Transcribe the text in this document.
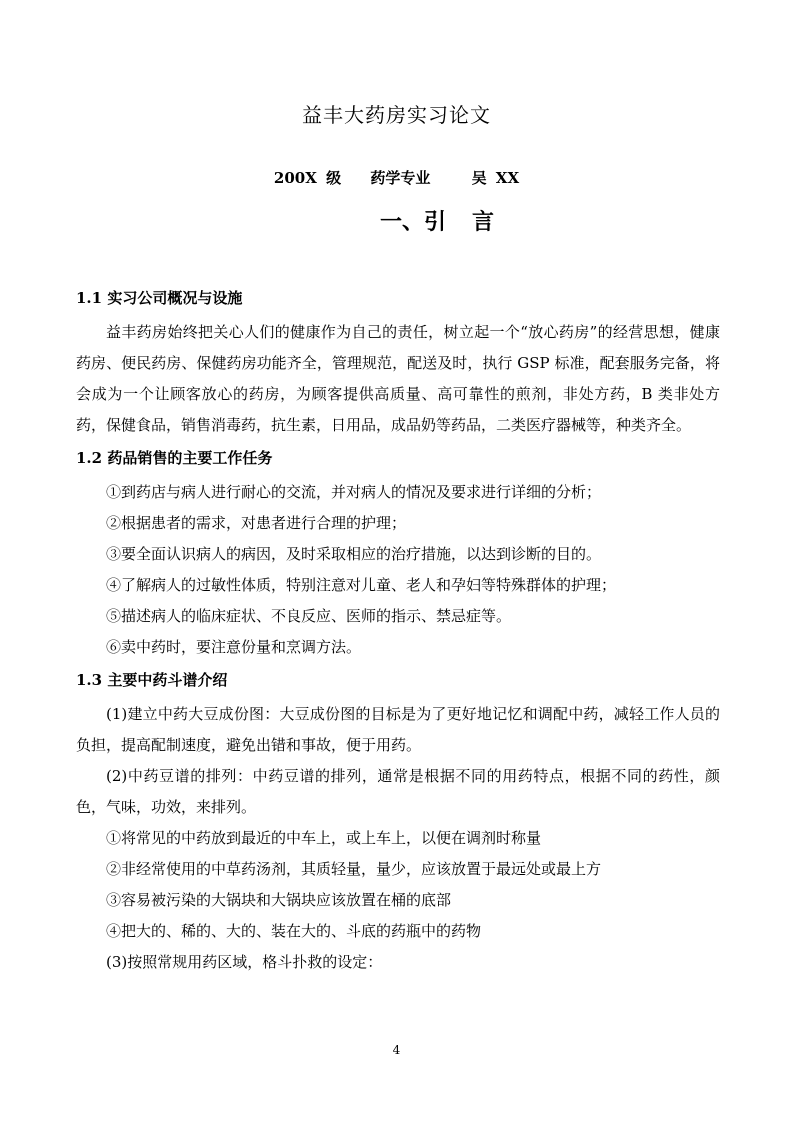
益丰大药房实习论文
200X 级 药学专业	吴 XX
一、引 言

1.1 实习公司概况与设施

益丰药房始终把关心人们的健康作为自己的责任，树立起一个“放心药房”的经营思想，健康药房、便民药房、保健药房功能齐全，管理规范，配送及时，执行 GSP 标准，配套服务完备，将会成为一个让顾客放心的药房，为顾客提供高质量、高可靠性的煎剂，非处方药，B 类非处方药，保健食品，销售消毒药，抗生素，日用品，成品奶等药品，二类医疗器械等，种类齐全。

1.2 药品销售的主要工作任务

①到药店与病人进行耐心的交流，并对病人的情况及要求进行详细的分析；

②根据患者的需求，对患者进行合理的护理；

③要全面认识病人的病因，及时采取相应的治疗措施，以达到诊断的目的。

④了解病人的过敏性体质，特别注意对儿童、老人和孕妇等特殊群体的护理；

⑤描述病人的临床症状、不良反应、医师的指示、禁忌症等。

⑥卖中药时，要注意份量和烹调方法。

1.3 主要中药斗谱介绍

(1)建立中药大豆成份图：大豆成份图的目标是为了更好地记忆和调配中药，减轻工作人员的负担，提高配制速度，避免出错和事故，便于用药。

(2)中药豆谱的排列：中药豆谱的排列，通常是根据不同的用药特点，根据不同的药性，颜色，气味，功效，来排列。

①将常见的中药放到最近的中车上，或上车上，以便在调剂时称量

②非经常使用的中草药汤剂，其质轻量，量少，应该放置于最远处或最上方

③容易被污染的大锅块和大锅块应该放置在桶的底部

④把大的、稀的、大的、装在大的、斗底的药瓶中的药物

(3)按照常规用药区域，格斗扑救的设定：

4
